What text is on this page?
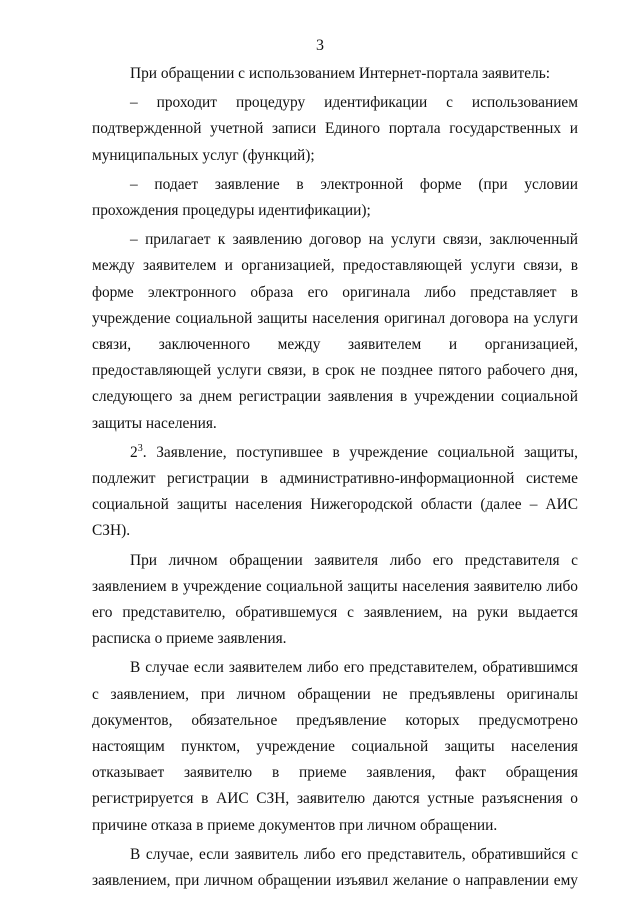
3

При обращении с использованием Интернет-портала заявитель:

– проходит процедуру идентификации с использованием подтвержденной учетной записи Единого портала государственных и муниципальных услуг (функций);

– подает заявление в электронной форме (при условии прохождения процедуры идентификации);

– прилагает к заявлению договор на услуги связи, заключенный между заявителем и организацией, предоставляющей услуги связи, в форме электронного образа его оригинала либо представляет в учреждение социальной защиты населения оригинал договора на услуги связи, заключенного между заявителем и организацией, предоставляющей услуги связи, в срок не позднее пятого рабочего дня, следующего за днем регистрации заявления в учреждении социальной защиты населения.

$2^3$. Заявление, поступившее в учреждение социальной защиты, подлежит регистрации в административно-информационной системе социальной защиты населения Нижегородской области (далее – АИС СЗН).

При личном обращении заявителя либо его представителя с заявлением в учреждение социальной защиты населения заявителю либо его представителю, обратившемуся с заявлением, на руки выдается расписка о приеме заявления.

В случае если заявителем либо его представителем, обратившимся с заявлением, при личном обращении не предъявлены оригиналы документов, обязательное предъявление которых предусмотрено настоящим пунктом, учреждение социальной защиты населения отказывает заявителю в приеме заявления, факт обращения регистрируется в АИС СЗН, заявителю даются устные разъяснения о причине отказа в приеме документов при личном обращении.

В случае, если заявитель либо его представитель, обратившийся с заявлением, при личном обращении изъявил желание о направлении ему
